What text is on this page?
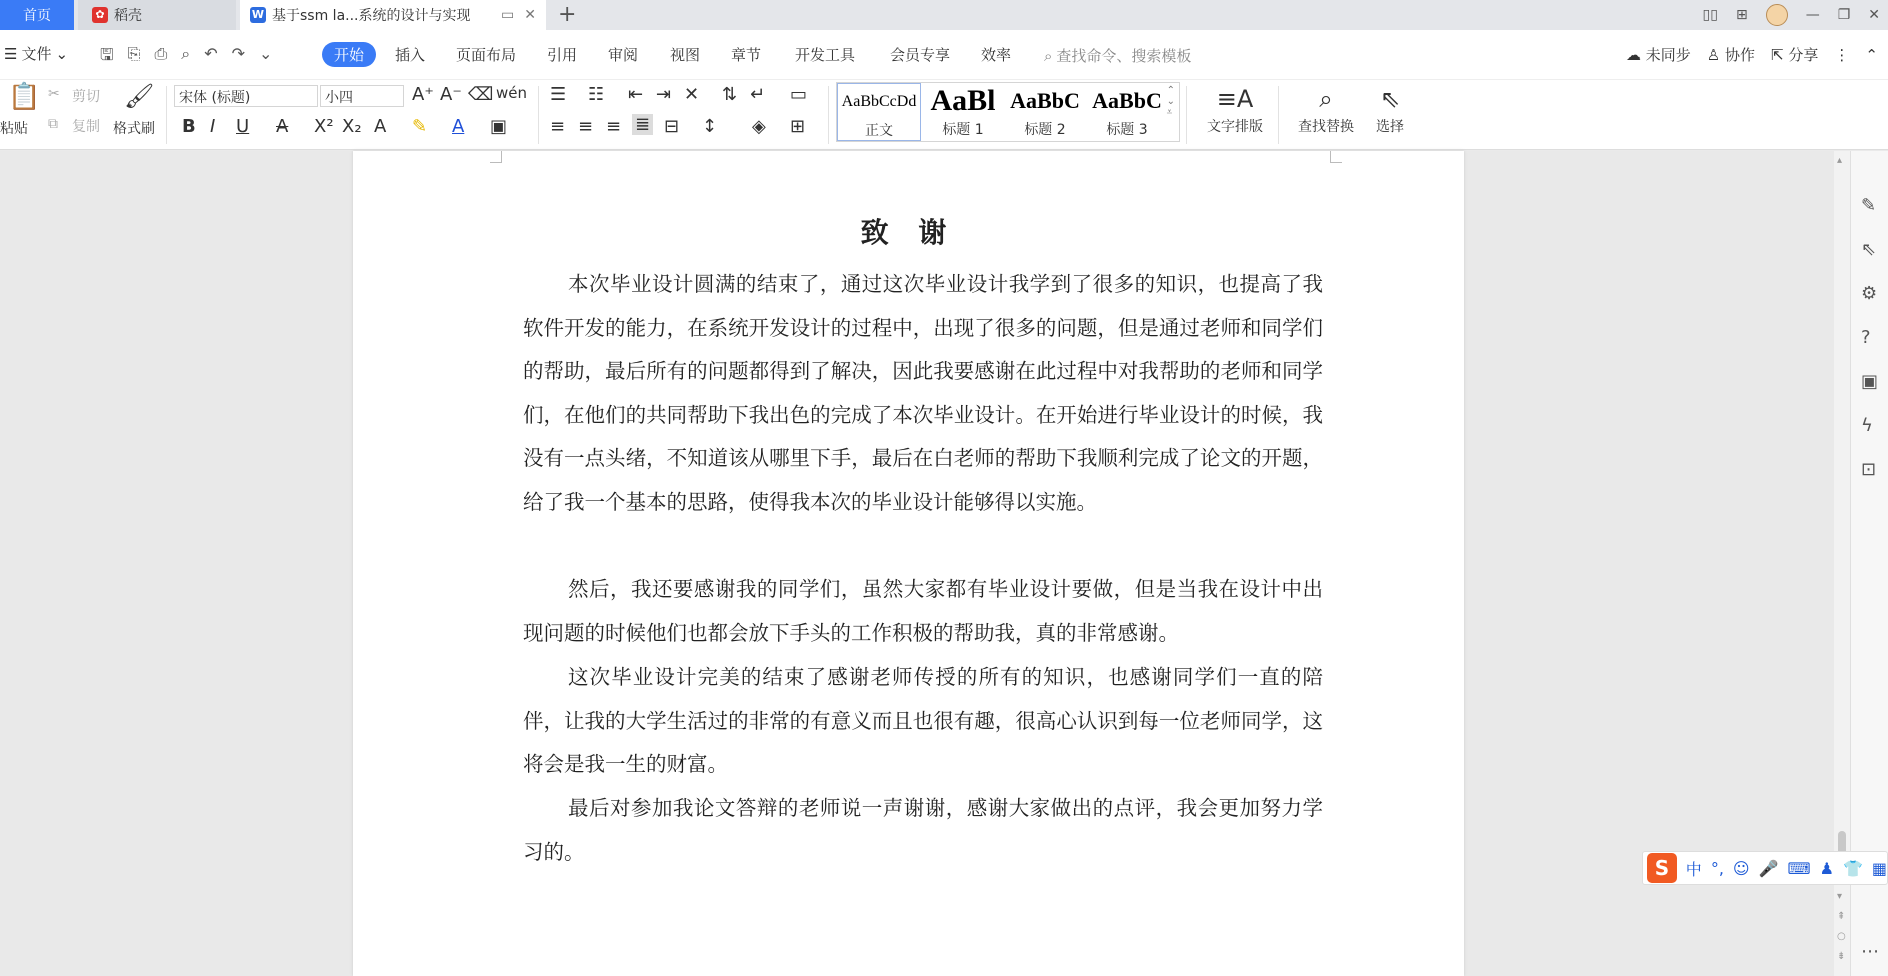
首页	✿ 稻壳	W 基于ssm la...系统的设计与实现 ▭ ✕ +	▯▯ ⊞	— ❐ ✕
☰ 文件 ⌄ 🖫 ⎘ ⎙ ⌕ ↶ ↷ ⌄	开始	插入 页面布局 引用 审阅 视图 章节 开发工具 会员专享 效率 ⌕ 查找命令、搜索模板	☁ 未同步 ♙ 协作 ⇱ 分享 ⋮ ⌃
📋
粘贴
✂ 剪切
⧉ 复制
🖌
格式刷
宋体 (标题)	小四	A⁺ A⁻ ⌫ wén
B I U A X² X₂ A ✎ A ▣
☰ ☷ ⇤ ⇥ ✕ ⇅ ↵ ▭
≡ ≡ ≡ ≣ ⊟ ↕ ◈ ⊞
AaBbCcDd
正文
AaBl
标题 1
AaBbC
标题 2
AaBbC
标题 3
⌃
⌄
⩡	≡A
文字排版
⌕
查找替换
⇖
选择
致 谢

本次毕业设计圆满的结束了，通过这次毕业设计我学到了很多的知识，也提高了我软件开发的能力，在系统开发设计的过程中，出现了很多的问题，但是通过老师和同学们的帮助，最后所有的问题都得到了解决，因此我要感谢在此过程中对我帮助的老师和同学们，在他们的共同帮助下我出色的完成了本次毕业设计。在开始进行毕业设计的时候，我没有一点头绪，不知道该从哪里下手，最后在白老师的帮助下我顺利完成了论文的开题，给了我一个基本的思路，使得我本次的毕业设计能够得以实施。

然后，我还要感谢我的同学们，虽然大家都有毕业设计要做，但是当我在设计中出现问题的时候他们也都会放下手头的工作积极的帮助我，真的非常感谢。

这次毕业设计完美的结束了感谢老师传授的所有的知识，也感谢同学们一直的陪伴，让我的大学生活过的非常的有意义而且也很有趣，很高心认识到每一位老师同学，这将会是我一生的财富。

最后对参加我论文答辩的老师说一声谢谢，感谢大家做出的点评，我会更加努力学习的。

▴
▾
⇞
○
⇟
✎
⇖
⚙
?
▣
ϟ
⊡
⋯
S	中 °, ☺ 🎤 ⌨ ♟ 👕 ▦
